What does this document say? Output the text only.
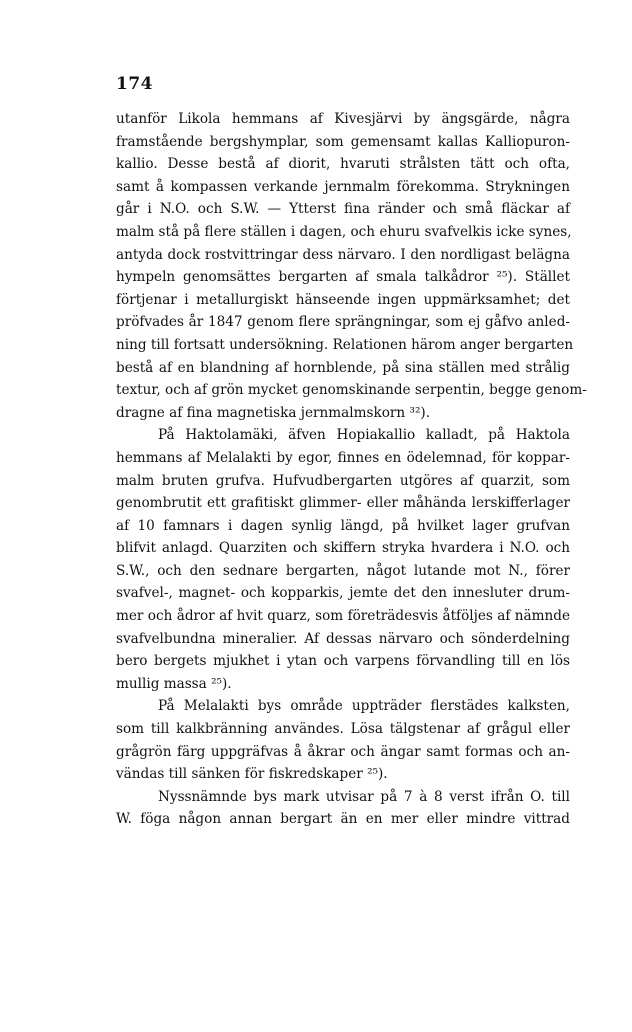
174
utanför Likola hemmans af Kivesjärvi by ängsgärde, några
framstående bergshymplar, som gemensamt kallas Kalliopuron-
kallio. Desse bestå af diorit, hvaruti strålsten tätt och ofta,
samt å kompassen verkande jernmalm förekomma. Strykningen
går i N.O. och S.W. — Ytterst fina ränder och små fläckar af
malm stå på flere ställen i dagen, och ehuru svafvelkis icke synes,
antyda dock rostvittringar dess närvaro. I den nordligast belägna
hympeln genomsättes bergarten af smala talkådror ²⁵). Stället
förtjenar i metallurgiskt hänseende ingen uppmärksamhet; det
pröfvades år 1847 genom flere sprängningar, som ej gåfvo anled-
ning till fortsatt undersökning. Relationen härom anger bergarten
bestå af en blandning af hornblende, på sina ställen med strålig
textur, och af grön mycket genomskinande serpentin, begge genom-
dragne af fina magnetiska jernmalmskorn ³²).
På Haktolamäki, äfven Hopiakallio kalladt, på Haktola
hemmans af Melalakti by egor, finnes en ödelemnad, för koppar-
malm bruten grufva. Hufvudbergarten utgöres af quarzit, som
genombrutit ett grafitiskt glimmer- eller måhända lerskifferlager
af 10 famnars i dagen synlig längd, på hvilket lager grufvan
blifvit anlagd. Quarziten och skiffern stryka hvardera i N.O. och
S.W., och den sednare bergarten, något lutande mot N., förer
svafvel-, magnet- och kopparkis, jemte det den innesluter drum-
mer och ådror af hvit quarz, som företrädesvis åtföljes af nämnde
svafvelbundna mineralier. Af dessas närvaro och sönderdelning
bero bergets mjukhet i ytan och varpens förvandling till en lös
mullig massa ²⁵).
På Melalakti bys område uppträder flerstädes kalksten,
som till kalkbränning användes. Lösa tälgstenar af grågul eller
grågrön färg uppgräfvas å åkrar och ängar samt formas och an-
vändas till sänken för fiskredskaper ²⁵).
Nyssnämnde bys mark utvisar på 7 à 8 verst ifrån O. till
W. föga någon annan bergart än en mer eller mindre vittrad
